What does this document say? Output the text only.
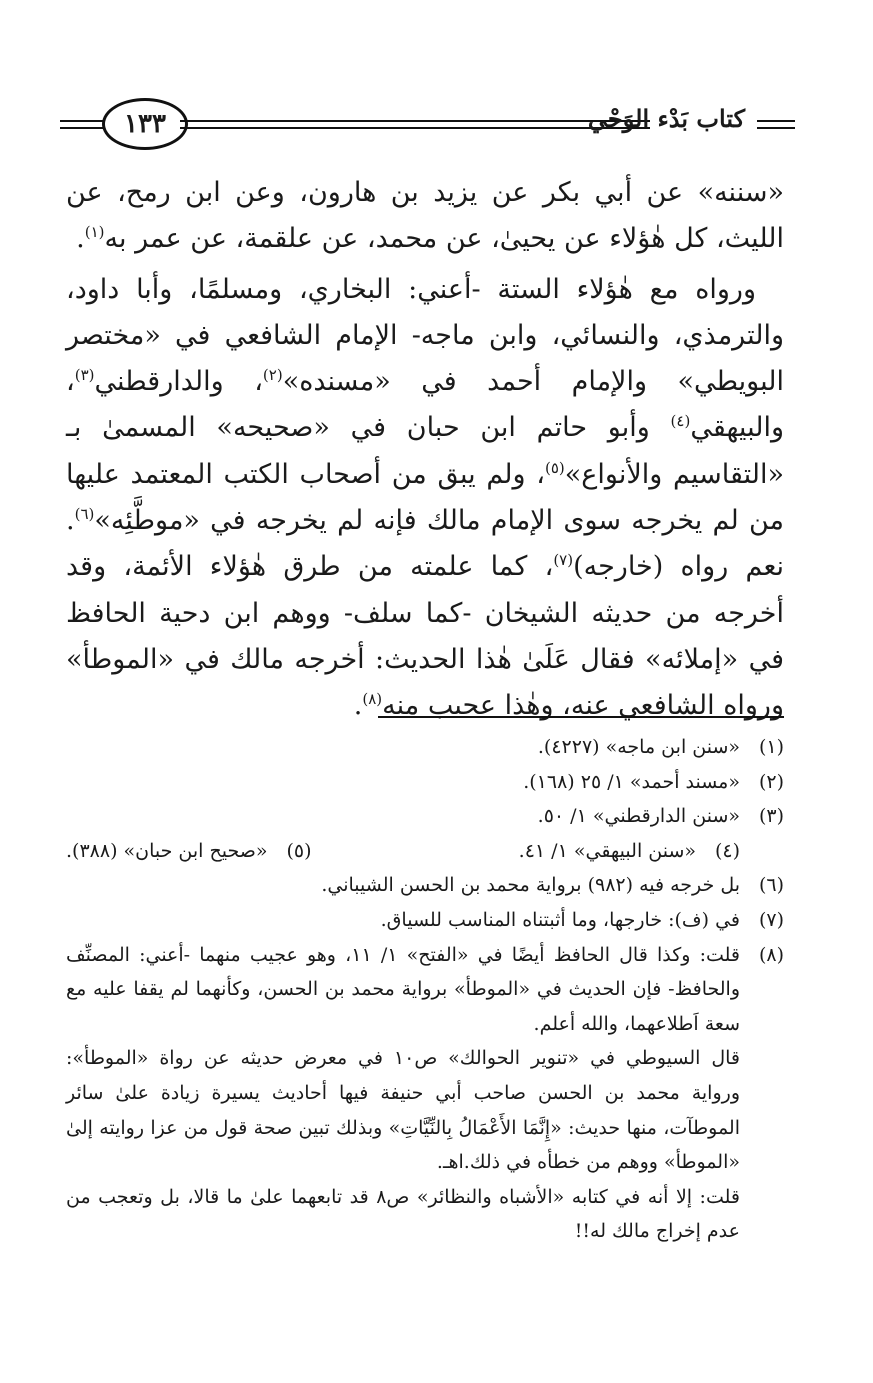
١٣٣	كتاب بَدْء الوَحْي

«سننه» عن أبي بكر عن يزيد بن هارون، وعن ابن رمح، عن الليث، كل هٰؤلاء عن يحيىٰ، عن محمد، عن علقمة، عن عمر به$^{(١)}$.

ورواه مع هٰؤلاء الستة -أعني: البخاري، ومسلمًا، وأبا داود، والترمذي، والنسائي، وابن ماجه- الإمام الشافعي في «مختصر البويطي» والإمام أحمد في «مسنده»$^{(٢)}$، والدارقطني$^{(٣)}$، والبيهقي$^{(٤)}$ وأبو حاتم ابن حبان في «صحيحه» المسمىٰ بـ «التقاسيم والأنواع»$^{(٥)}$، ولم يبق من أصحاب الكتب المعتمد عليها من لم يخرجه سوى الإمام مالك فإنه لم يخرجه في «موطَّئِه»$^{(٦)}$. نعم رواه (خارجه)$^{(٧)}$، كما علمته من طرق هٰؤلاء الأئمة، وقد أخرجه من حديثه الشيخان -كما سلف- ووهم ابن دحية الحافظ في «إملائه» فقال عَلَىٰ هٰذا الحديث: أخرجه مالك في «الموطأ» ورواه الشافعي عنه، وهٰذا عجيب منه$^{(٨)}$.

(١)
«سنن ابن ماجه» (٤٢٢٧).
(٢)
«مسند أحمد» ١/ ٢٥ (١٦٨).
(٣)
«سنن الدارقطني» ١/ ٥٠.
(٤)
«سنن البيهقي» ١/ ٤١.
(٥)
«صحيح ابن حبان» (٣٨٨).
(٦)
بل خرجه فيه (٩٨٢) برواية محمد بن الحسن الشيباني.
(٧)
في (ف): خارجها، وما أثبتناه المناسب للسياق.
(٨)
قلت: وكذا قال الحافظ أيضًا في «الفتح» ١/ ١١، وهو عجيب منهما -أعني: المصنِّف والحافظ- فإن الحديث في «الموطأ» برواية محمد بن الحسن، وكأنهما لم يقفا عليه مع سعة اَطلاعهما، والله أعلم.
قال السيوطي في «تنوير الحوالك» ص١٠ في معرض حديثه عن رواة «الموطأ»: ورواية محمد بن الحسن صاحب أبي حنيفة فيها أحاديث يسيرة زيادة علىٰ سائر الموطآت، منها حديث: «إِنَّمَا الأَعْمَالُ بِالنِّيَّاتِ» وبذلك تبين صحة قول من عزا روايته إلىٰ «الموطأ» ووهم من خطأه في ذلك.اهـ.
قلت: إلا أنه في كتابه «الأشباه والنظائر» ص٨ قد تابعهما علىٰ ما قالا، بل وتعجب من عدم إخراج مالك له!!
